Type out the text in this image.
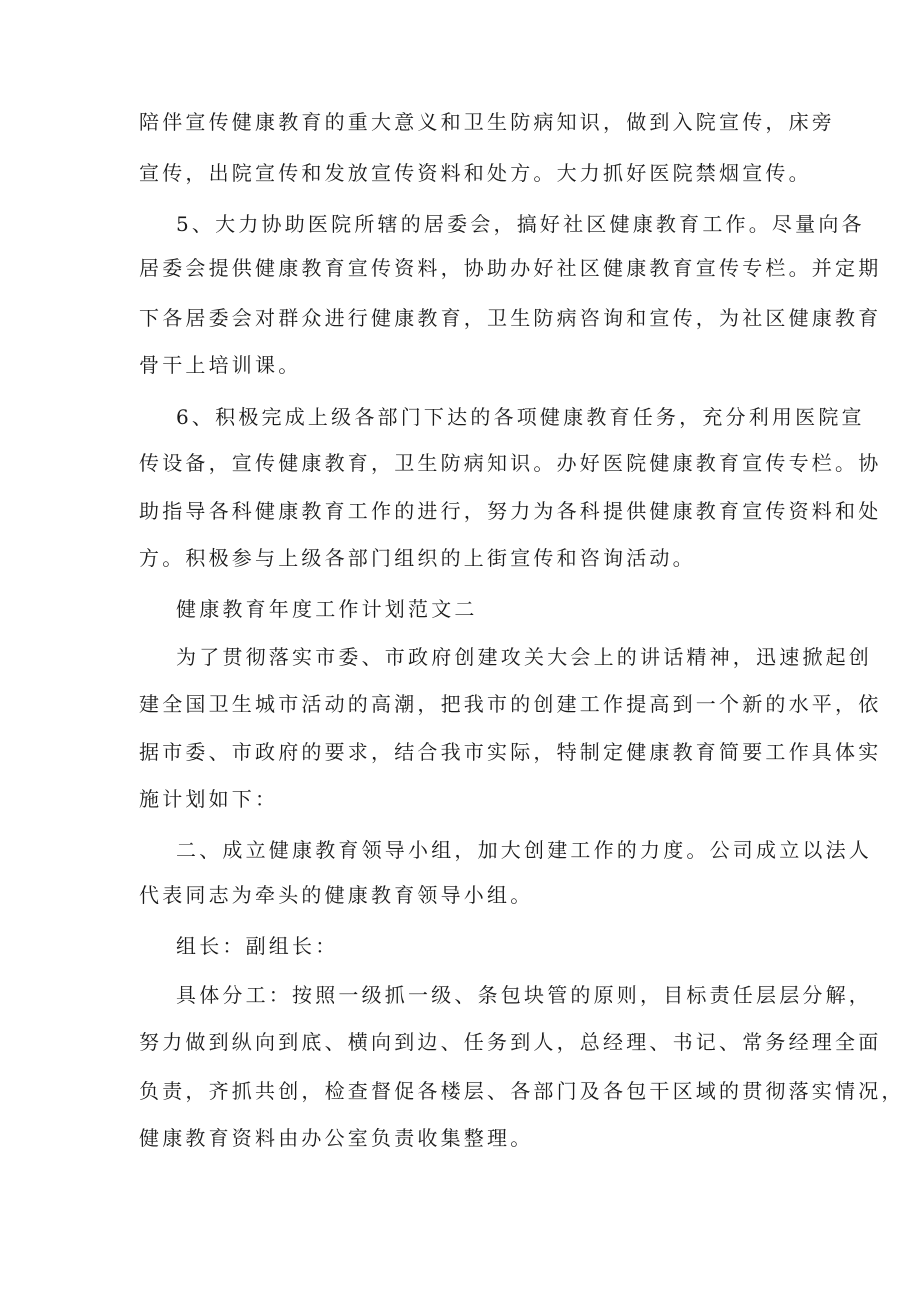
陪伴宣传健康教育的重大意义和卫生防病知识，做到入院宣传，床旁
宣传，出院宣传和发放宣传资料和处方。大力抓好医院禁烟宣传。
5、大力协助医院所辖的居委会，搞好社区健康教育工作。尽量向各
居委会提供健康教育宣传资料，协助办好社区健康教育宣传专栏。并定期
下各居委会对群众进行健康教育，卫生防病咨询和宣传，为社区健康教育
骨干上培训课。
6、积极完成上级各部门下达的各项健康教育任务，充分利用医院宣
传设备，宣传健康教育，卫生防病知识。办好医院健康教育宣传专栏。协
助指导各科健康教育工作的进行，努力为各科提供健康教育宣传资料和处
方。积极参与上级各部门组织的上街宣传和咨询活动。
健康教育年度工作计划范文二
为了贯彻落实市委、市政府创建攻关大会上的讲话精神，迅速掀起创
建全国卫生城市活动的高潮，把我市的创建工作提高到一个新的水平，依
据市委、市政府的要求，结合我市实际，特制定健康教育简要工作具体实
施计划如下：
二、成立健康教育领导小组，加大创建工作的力度。公司成立以法人
代表同志为牵头的健康教育领导小组。
组长：副组长：
具体分工：按照一级抓一级、条包块管的原则，目标责任层层分解，
努力做到纵向到底、横向到边、任务到人，总经理、书记、常务经理全面
负责，齐抓共创，检查督促各楼层、各部门及各包干区域的贯彻落实情况，
健康教育资料由办公室负责收集整理。
